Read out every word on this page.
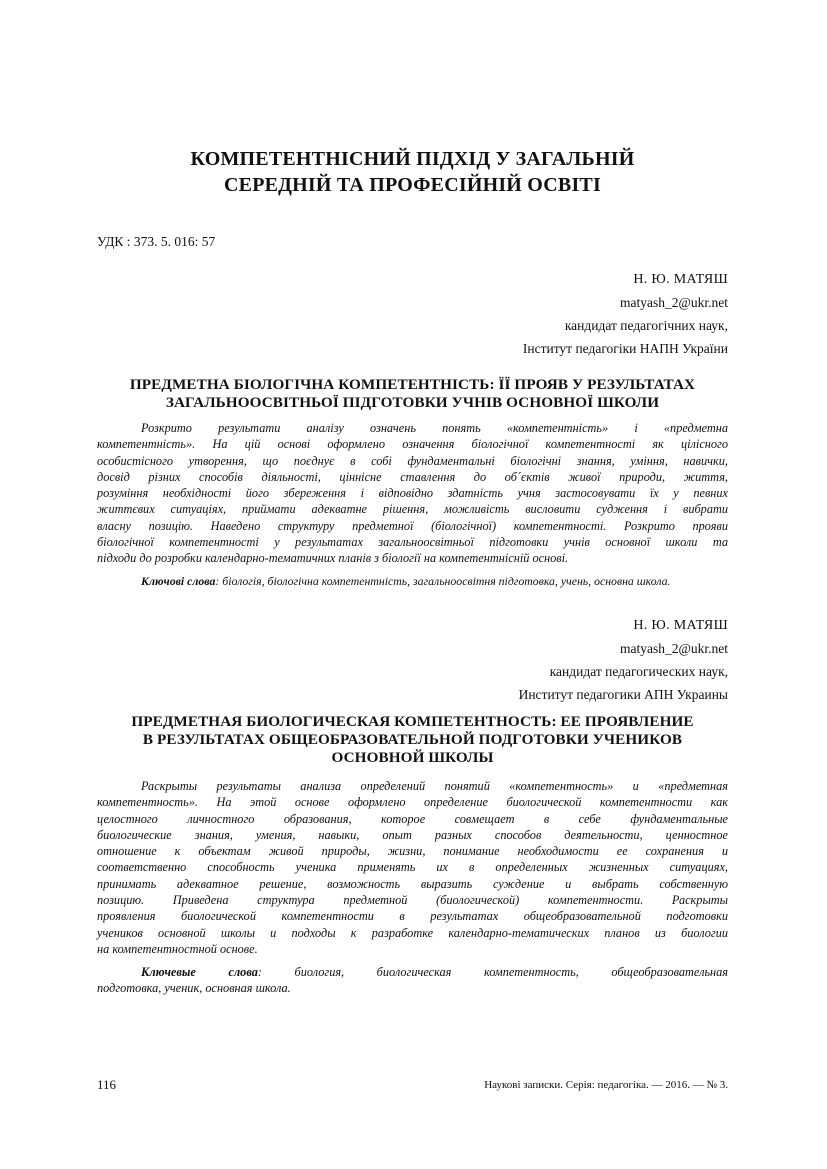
КОМПЕТЕНТНІСНИЙ ПІДХІД У ЗАГАЛЬНІЙ
СЕРЕДНІЙ ТА ПРОФЕСІЙНІЙ ОСВІТІ
УДК : 373. 5. 016: 57
Н. Ю. МАТЯШ
matyash_2@ukr.net
кандидат педагогічних наук,
Інститут педагогіки НАПН України
ПРЕДМЕТНА БІОЛОГІЧНА КОМПЕТЕНТНІСТЬ: ЇЇ ПРОЯВ У РЕЗУЛЬТАТАХ
ЗАГАЛЬНООСВІТНЬОЇ ПІДГОТОВКИ УЧНІВ ОСНОВНОЇ ШКОЛИ
Розкрито результати аналізу означень понять «компетентність» і «предметна
компетентність». На цій основі оформлено означення біологічної компетентності як цілісного
особистісного утворення, що поєднує в собі фундаментальні біологічні знання, уміння, навички,
досвід різних способів діяльності, ціннісне ставлення до об´єктів живої природи, життя,
розуміння необхідності його збереження і відповідно здатність учня застосовувати їх у певних
життєвих ситуаціях, приймати адекватне рішення, можливість висловити судження і вибрати
власну позицію. Наведено структуру предметної (біологічної) компетентності. Розкрито прояви
біологічної компетентності у результатах загальноосвітньої підготовки учнів основної школи та
підходи до розробки календарно-тематичних планів з біології на компетентнісній основі.
Ключові слова: біологія, біологічна компетентність, загальноосвітня підготовка, учень, основна школа.
Н. Ю. МАТЯШ
matyash_2@ukr.net
кандидат педагогических наук,
Институт педагогики АПН Украины
ПРЕДМЕТНАЯ БИОЛОГИЧЕСКАЯ КОМПЕТЕНТНОСТЬ: ЕЕ ПРОЯВЛЕНИЕ
В РЕЗУЛЬТАТАХ ОБЩЕОБРАЗОВАТЕЛЬНОЙ ПОДГОТОВКИ УЧЕНИКОВ
ОСНОВНОЙ ШКОЛЫ
Раскрыты результаты анализа определений понятий «компетентность» и «предметная
компетентность». На этой основе оформлено определение биологической компетентности как
целостного личностного образования, которое совмещает в себе фундаментальные
биологические знания, умения, навыки, опыт разных способов деятельности, ценностное
отношение к объектам живой природы, жизни, понимание необходимости ее сохранения и
соответственно способность ученика применять их в определенных жизненных ситуациях,
принимать адекватное решение, возможность выразить суждение и выбрать собственную
позицию. Приведена структура предметной (биологической) компетентности. Раскрыты
проявления биологической компетентности в результатах общеобразовательной подготовки
учеников основной школы и подходы к разработке календарно-тематических планов из биологии
на компетентностной основе.
Ключевые слова: биология, биологическая компетентность, общеобразовательная
подготовка, ученик, основная школа.
116	Наукові записки. Серія: педагогіка. — 2016. — № 3.
